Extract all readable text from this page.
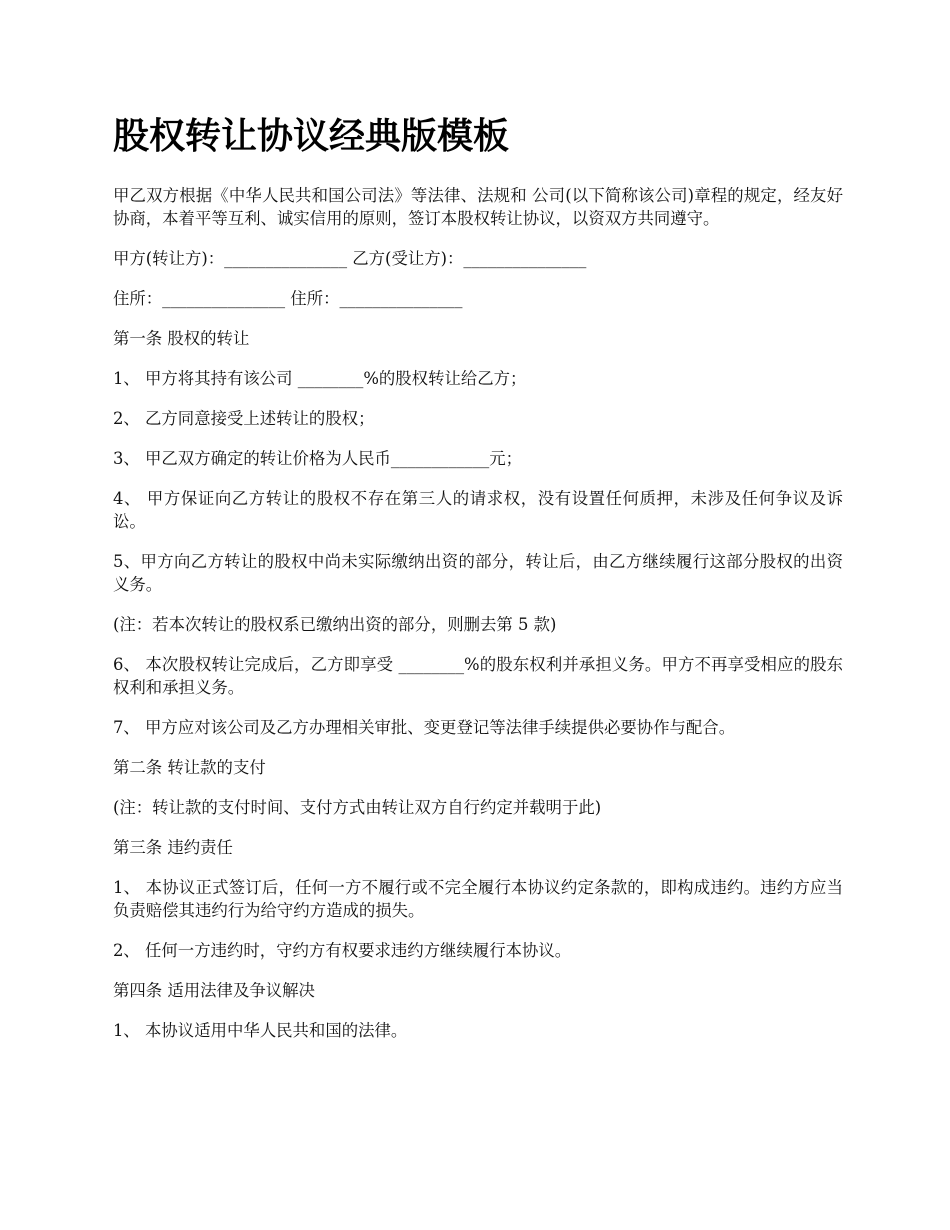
股权转让协议经典版模板

甲乙双方根据《中华人民共和国公司法》等法律、法规和 公司(以下简称该公司)章程的规定，经友好协商，本着平等互利、诚实信用的原则，签订本股权转让协议，以资双方共同遵守。

甲方(转让方)：_______________ 乙方(受让方)：_______________

住所：_______________ 住所：_______________

第一条 股权的转让

1、 甲方将其持有该公司 ________%的股权转让给乙方；

2、 乙方同意接受上述转让的股权；

3、 甲乙双方确定的转让价格为人民币____________元；

4、 甲方保证向乙方转让的股权不存在第三人的请求权，没有设置任何质押，未涉及任何争议及诉讼。

5、甲方向乙方转让的股权中尚未实际缴纳出资的部分，转让后，由乙方继续履行这部分股权的出资义务。

(注：若本次转让的股权系已缴纳出资的部分，则删去第 5 款)

6、 本次股权转让完成后，乙方即享受 ________%的股东权利并承担义务。甲方不再享受相应的股东权利和承担义务。

7、 甲方应对该公司及乙方办理相关审批、变更登记等法律手续提供必要协作与配合。

第二条 转让款的支付

(注：转让款的支付时间、支付方式由转让双方自行约定并载明于此)

第三条 违约责任

1、 本协议正式签订后，任何一方不履行或不完全履行本协议约定条款的，即构成违约。违约方应当负责赔偿其违约行为给守约方造成的损失。

2、 任何一方违约时，守约方有权要求违约方继续履行本协议。

第四条 适用法律及争议解决

1、 本协议适用中华人民共和国的法律。
